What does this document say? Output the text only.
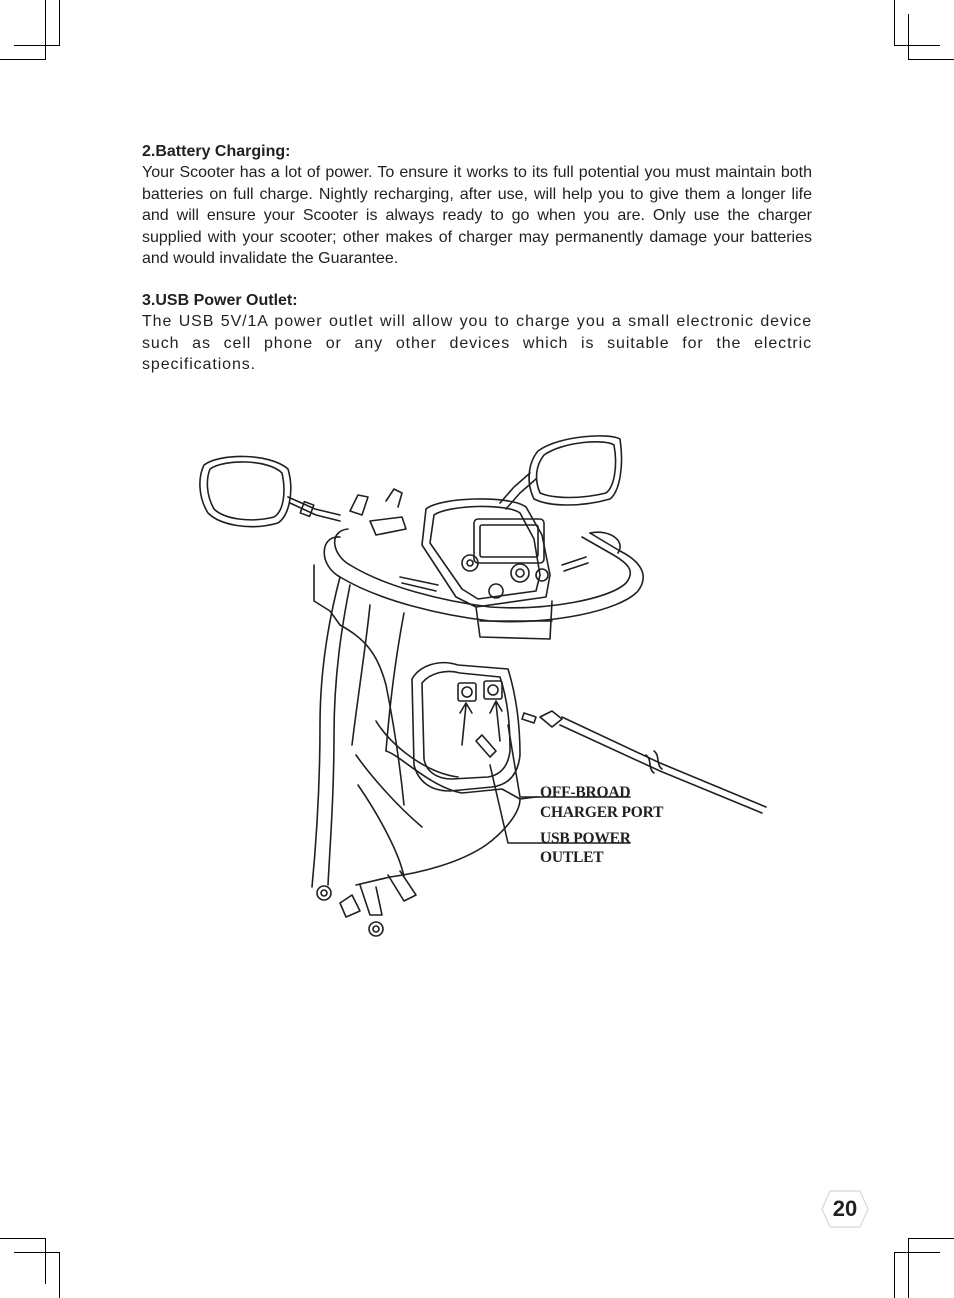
2.Battery Charging:

Your Scooter has a lot of power. To ensure it works to its full potential you must maintain both batteries on full charge. Nightly recharging, after use, will help you to give them a longer life and will ensure your Scooter is always ready to go when you are. Only use the charger supplied with your scooter; other makes of charger may permanently damage your batteries and would invalidate the Guarantee.

3.USB Power Outlet:

The USB 5V/1A power outlet will allow you to charge you a small electronic device such as cell phone or any other devices which is suitable for the electric specifications.

OFF-BROAD
CHARGER PORT
USB POWER
OUTLET
20
